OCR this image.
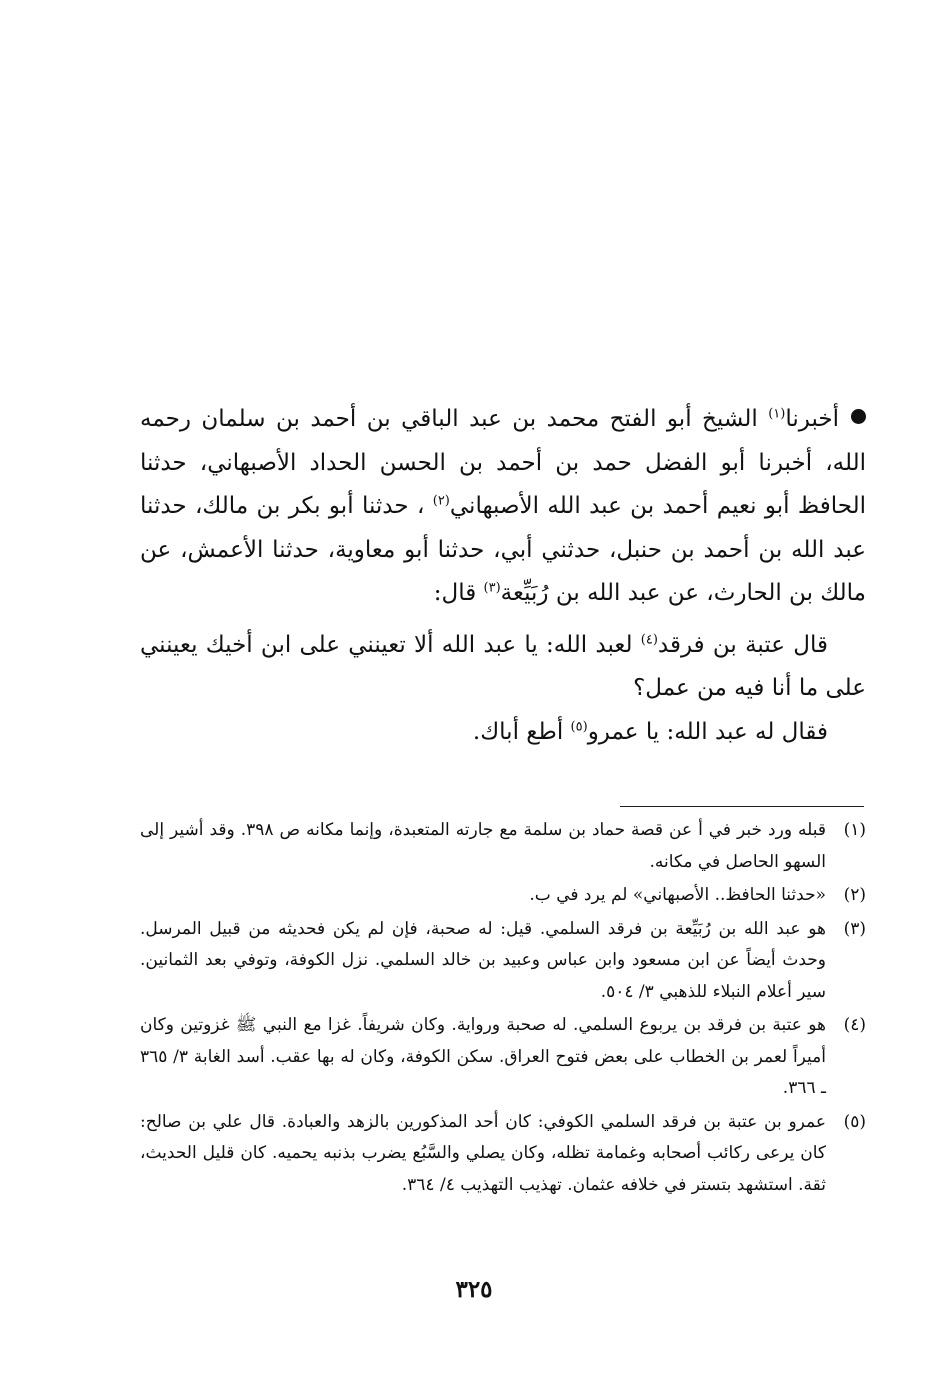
أخبرنا$^{(١)}$ الشيخ أبو الفتح محمد بن عبد الباقي بن أحمد بن سلمان رحمه الله، أخبرنا أبو الفضل حمد بن أحمد بن الحسن الحداد الأصبهاني، حدثنا الحافظ أبو نعيم أحمد بن عبد الله الأصبهاني$^{(٢)}$ ، حدثنا أبو بكر بن مالك، حدثنا عبد الله بن أحمد بن حنبل، حدثني أبي، حدثنا أبو معاوية، حدثنا الأعمش، عن مالك بن الحارث، عن عبد الله بن رُبَيِّعة$^{(٣)}$ قال:

قال عتبة بن فرقد$^{(٤)}$ لعبد الله: يا عبد الله ألا تعينني على ابن أخيك يعينني على ما أنا فيه من عمل؟

فقال له عبد الله: يا عمرو$^{(٥)}$ أطع أباك.

(١)
قبله ورد خبر في أ عن قصة حماد بن سلمة مع جارته المتعبدة، وإنما مكانه ص ٣٩٨. وقد أشير إلى السهو الحاصل في مكانه.
(٢)
«حدثنا الحافظ.. الأصبهاني» لم يرد في ب.
(٣)
هو عبد الله بن رُبَيِّعة بن فرقد السلمي. قيل: له صحبة، فإن لم يكن فحديثه من قبيل المرسل. وحدث أيضاً عن ابن مسعود وابن عباس وعبيد بن خالد السلمي. نزل الكوفة، وتوفي بعد الثمانين. سير أعلام النبلاء للذهبي ٣/ ٥٠٤.
(٤)
هو عتبة بن فرقد بن يربوع السلمي. له صحبة ورواية. وكان شريفاً. غزا مع النبي ﷺ غزوتين وكان أميراً لعمر بن الخطاب على بعض فتوح العراق. سكن الكوفة، وكان له بها عقب. أسد الغابة ٣/ ٣٦٥ ـ ٣٦٦.
(٥)
عمرو بن عتبة بن فرقد السلمي الكوفي: كان أحد المذكورين بالزهد والعبادة. قال علي بن صالح: كان يرعى ركائب أصحابه وغمامة تظله، وكان يصلي والسَّبُع يضرب بذنبه يحميه. كان قليل الحديث، ثقة. استشهد بتستر في خلافه عثمان. تهذيب التهذيب ٤/ ٣٦٤.
٣٢٥
